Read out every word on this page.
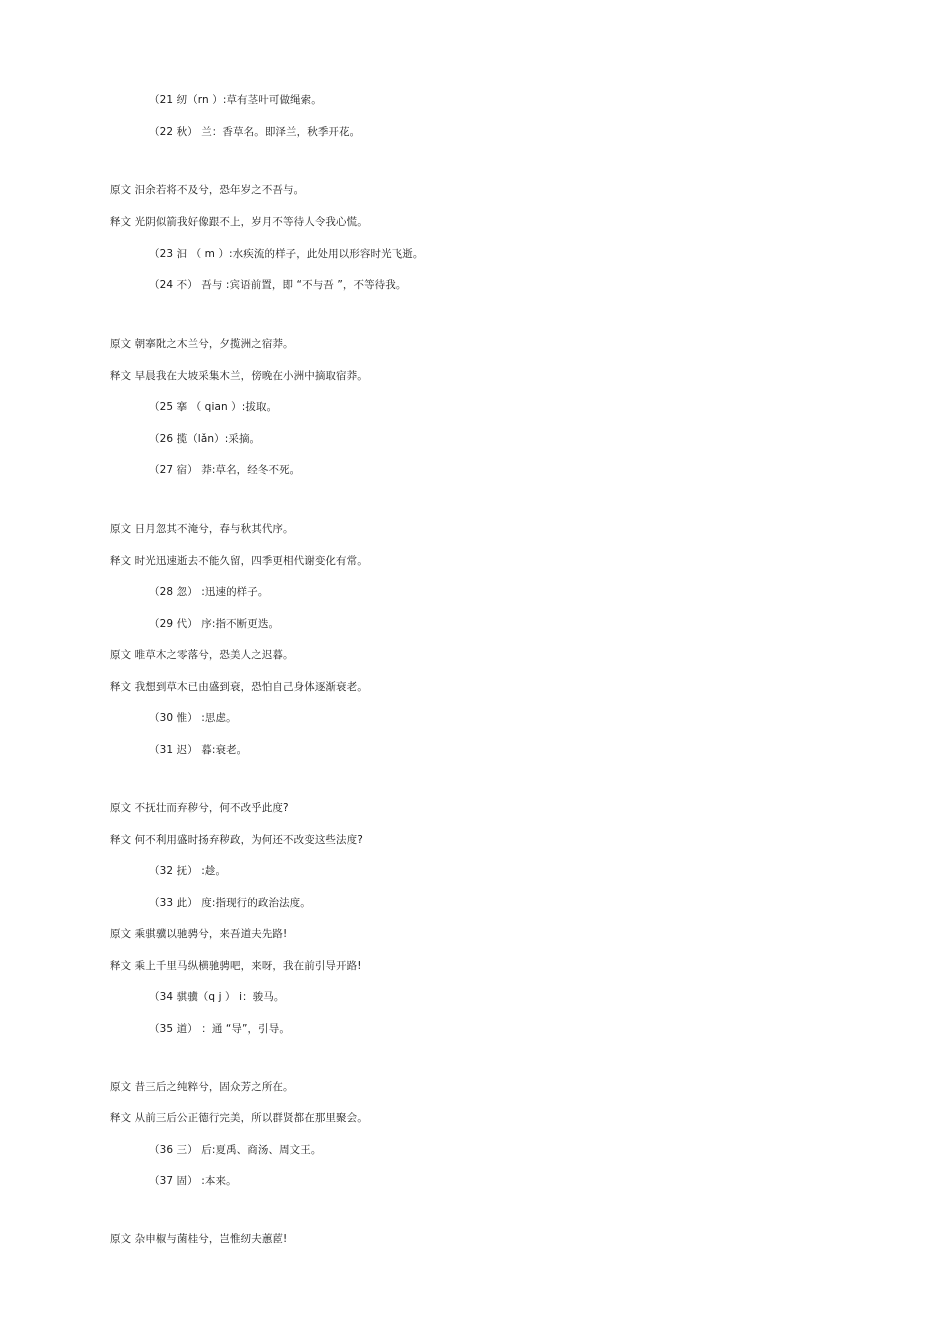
（21 纫（rn ）:草有茎叶可做绳索。
（22 秋） 兰：香草名。即泽兰，秋季开花。
原文 汨余若将不及兮，恐年岁之不吾与。
释文 光阴似箭我好像跟不上，岁月不等待人令我心慌。
（23 汩 （ m ）:水疾流的样子，此处用以形容时光飞逝。
（24 不） 吾与 :宾语前置，即 “不与吾 ”，不等待我。
原文 朝搴阰之木兰兮，夕揽洲之宿莽。
释文 早晨我在大坡采集木兰，傍晚在小洲中摘取宿莽。
（25 搴 （ qian ）:拔取。
（26 揽（lǎn）:采摘。
（27 宿） 莽:草名，经冬不死。
原文 日月忽其不淹兮，春与秋其代序。
释文 时光迅速逝去不能久留，四季更相代谢变化有常。
（28 忽） :迅速的样子。
（29 代） 序:指不断更迭。
原文 唯草木之零落兮，恐美人之迟暮。
释文 我想到草木已由盛到衰，恐怕自己身体逐渐衰老。
（30 惟） :思虑。
（31 迟） 暮:衰老。
原文 不抚壮而弃秽兮，何不改乎此度?
释文 何不利用盛时扬弃秽政，为何还不改变这些法度?
（32 抚） :趁。
（33 此） 度:指现行的政治法度。
原文 乘骐骥以驰骋兮，来吾道夫先路!
释文 乘上千里马纵横驰骋吧，来呀，我在前引导开路!
（34 骐骥（q j ） i：骏马。
（35 道） ：通 “导”，引导。
原文 昔三后之纯粹兮，固众芳之所在。
释文 从前三后公正德行完美，所以群贤都在那里聚会。
（36 三） 后:夏禹、商汤、周文王。
（37 固） :本来。
原文 杂申椒与菌桂兮，岂惟纫夫蕙茝!
